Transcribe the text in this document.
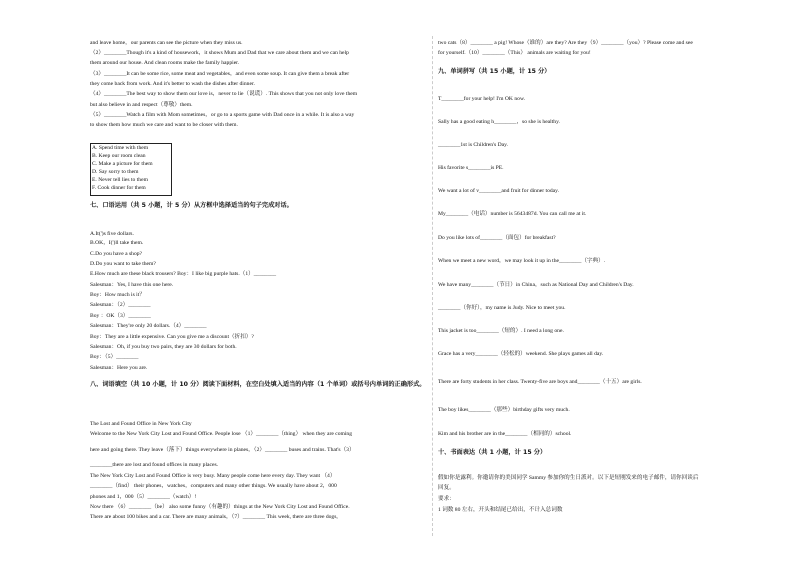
and leave home，our parents can see the picture when they miss us.
（2）________Though it's a kind of housework，it shows Mum and Dad that we care about them and we can help
them around our house. And clean rooms make the family happier.
（3）________It can be some rice, some meat and vegetables，and even some soup. It can give them a break after
they come back from work. And it's better to wash the dishes after dinner.
（4）________The best way to show them our love is，never to lie（说谎）. This shows that you not only love them
but also believe in and respect（尊敬）them.
（5）________Watch a film with Mom sometimes，or go to a sports game with Dad once in a while. It is also a way
to show them how much we care and want to be closer with them.
A. Spend time with them
B. Keep our room clean
C. Make a picture for them
D. Say sorry to them
E. Never tell lies to them
F. Cook dinner for them
七、口语运用（共 5 小题，计 5 分）从方框中选择适当的句子完成对话。
A.It(')s five dollars.
B.OK，I(')ll take them.
C.Do you have a shop?
D.Do you want to take them?
E.How much are these black trousers? Boy：I like big purple hats.（1）________
Salesman：Yes, I have this one here.
Boy：How much is it？
Salesman：（2）________
Boy ：OK（3）________
Salesman：They're only 20 dollars.（4）________
Boy：They are a little expensive. Can you give me a discount（折扣）?
Salesman：Oh, if you buy two pairs, they are 30 dollars for both.
Boy：（5）________
Salesman：Here you are.
八、词语填空（共 10 小题，计 10 分）阅读下面材料，在空白处填入适当的内容（1 个单词）或括号内单词的正确形式。
The Lost and Found Office in New York City
Welcome to the New York City Lost and Found Office. People lose （1）________（thing） when they are coming
here and going there. They leave（落下）things everywhere in planes，（2）________ buses and trains. That's（3）
________there are lost and found offices in many places.
The New York City Lost and Found Office is very busy. Many people come here every day. They want （4）
________（find） their phones，watches，computers and many other things. We usually have about 2，000
phones and 1，000（5）________（watch）!
Now there （6）________（be） also some funny（有趣的）things at the New York City Lost and Found Office.
There are about 100 bikes and a car. There are many animals，（7）________ This week, there are three dogs,
two cats（8）________ a pig! Whose（谁的）are they? Are they（9）________（you）? Please come and see
for yourself.（10）________（This） animals are waiting for you!
九、单词拼写（共 15 小题，计 15 分）
T________for your help! I'm OK now.
Sally has a good eating h________，so she is healthy.
________1st is Children's Day.
His favorite s________is PE.
We want a lot of v________and fruit for dinner today.
My________（电话）number is 5643487d. You can call me at it.
Do you like lots of________（面包）for breakfast?
When we meet a new word，we may look it up in the________（字典）.
We have many________（节日）in China，such as National Day and Children's Day.
________（你好），my name is Judy. Nice to meet you.
This jacket is too________（短的）. I need a long one.
Grace has a very________（轻松的）weekend. She plays games all day.
There are forty students in her class. Twenty-five are boys and________（十五）are girls.
The boy likes________（那些）birthday gifts very much.
Kim and his brother are in the________（相同的）school.
十、书面表达（共 1 小题，计 15 分）
假如你是露利。你邀请你的美国同学 Sammy 参加你的生日派对。以下是短刚发来的电子邮件，请你回谈后
回复。
要求：
1 词数 80 左右，开头和结尾已给出，不计入总词数
